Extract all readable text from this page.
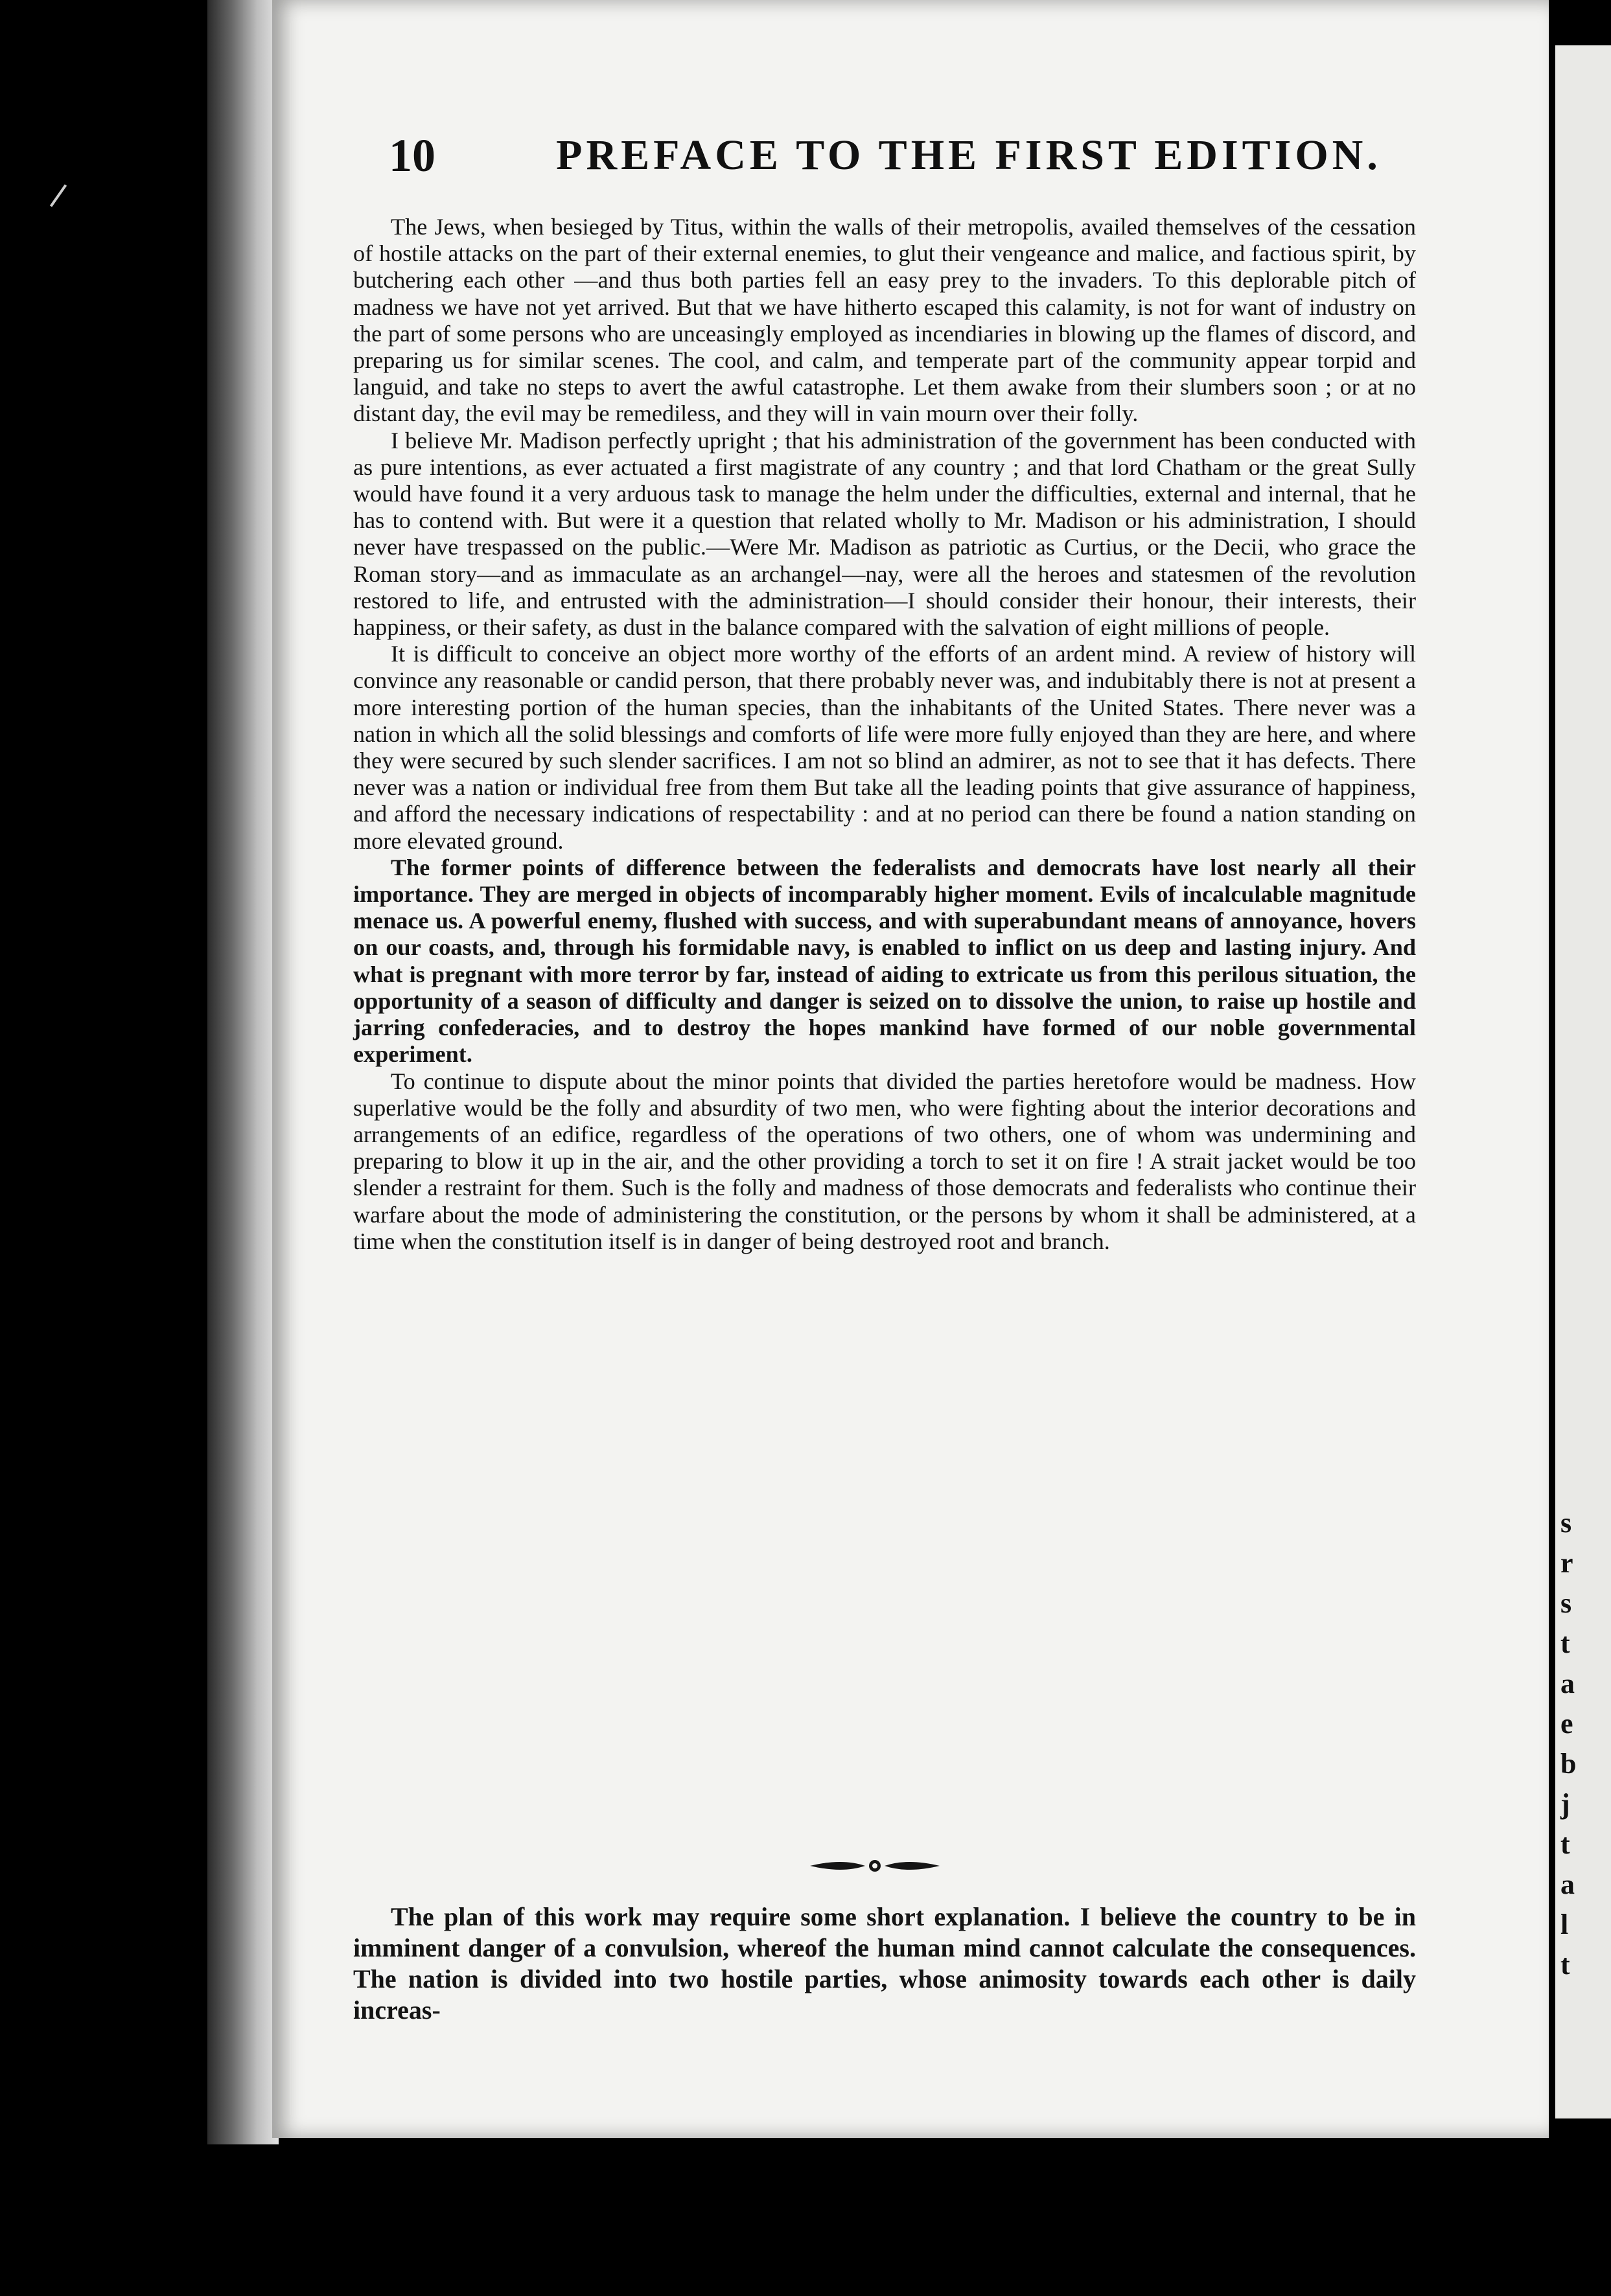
s
r
s
t
a
e
b
j
t
a
l
t
10	PREFACE TO THE FIRST EDITION.

The Jews, when besieged by Titus, within the walls of their metropolis, availed themselves of the cessation of hostile attacks on the part of their external enemies, to glut their vengeance and malice, and factious spirit, by butchering each other —and thus both parties fell an easy prey to the invaders. To this deplorable pitch of madness we have not yet arrived. But that we have hitherto escaped this calamity, is not for want of industry on the part of some persons who are unceasingly employed as incendiaries in blowing up the flames of discord, and preparing us for similar scenes. The cool, and calm, and temperate part of the community appear torpid and languid, and take no steps to avert the awful catastrophe. Let them awake from their slumbers soon ; or at no distant day, the evil may be remediless, and they will in vain mourn over their folly.

I believe Mr. Madison perfectly upright ; that his administration of the government has been conducted with as pure intentions, as ever actuated a first magistrate of any country ; and that lord Chatham or the great Sully would have found it a very arduous task to manage the helm under the difficulties, external and internal, that he has to contend with. But were it a question that related wholly to Mr. Madison or his administration, I should never have trespassed on the public.—Were Mr. Madison as patriotic as Curtius, or the Decii, who grace the Roman story—and as immaculate as an archangel—nay, were all the heroes and statesmen of the revolution restored to life, and entrusted with the administration—I should consider their honour, their interests, their happiness, or their safety, as dust in the balance compared with the salvation of eight millions of people.

It is difficult to conceive an object more worthy of the efforts of an ardent mind. A review of history will convince any reasonable or candid person, that there probably never was, and indubitably there is not at present a more interesting portion of the human species, than the inhabitants of the United States. There never was a nation in which all the solid blessings and comforts of life were more fully enjoyed than they are here, and where they were secured by such slender sacrifices. I am not so blind an admirer, as not to see that it has defects. There never was a nation or individual free from them But take all the leading points that give assurance of happiness, and afford the necessary indications of respectability : and at no period can there be found a nation standing on more elevated ground.

The former points of difference between the federalists and democrats have lost nearly all their importance. They are merged in objects of incomparably higher moment. Evils of incalculable magnitude menace us. A powerful enemy, flushed with success, and with superabundant means of annoyance, hovers on our coasts, and, through his formidable navy, is enabled to inflict on us deep and lasting injury. And what is pregnant with more terror by far, instead of aiding to extricate us from this perilous situation, the opportunity of a season of difficulty and danger is seized on to dissolve the union, to raise up hostile and jarring confederacies, and to destroy the hopes mankind have formed of our noble governmental experiment.

To continue to dispute about the minor points that divided the parties heretofore would be madness. How superlative would be the folly and absurdity of two men, who were fighting about the interior decorations and arrangements of an edifice, regardless of the operations of two others, one of whom was undermining and preparing to blow it up in the air, and the other providing a torch to set it on fire ! A strait jacket would be too slender a restraint for them. Such is the folly and madness of those democrats and federalists who continue their warfare about the mode of administering the constitution, or the persons by whom it shall be administered, at a time when the constitution itself is in danger of being destroyed root and branch.

The plan of this work may require some short explanation. I believe the country to be in imminent danger of a convulsion, whereof the human mind cannot calculate the consequences. The nation is divided into two hostile parties, whose animosity towards each other is daily increas-
